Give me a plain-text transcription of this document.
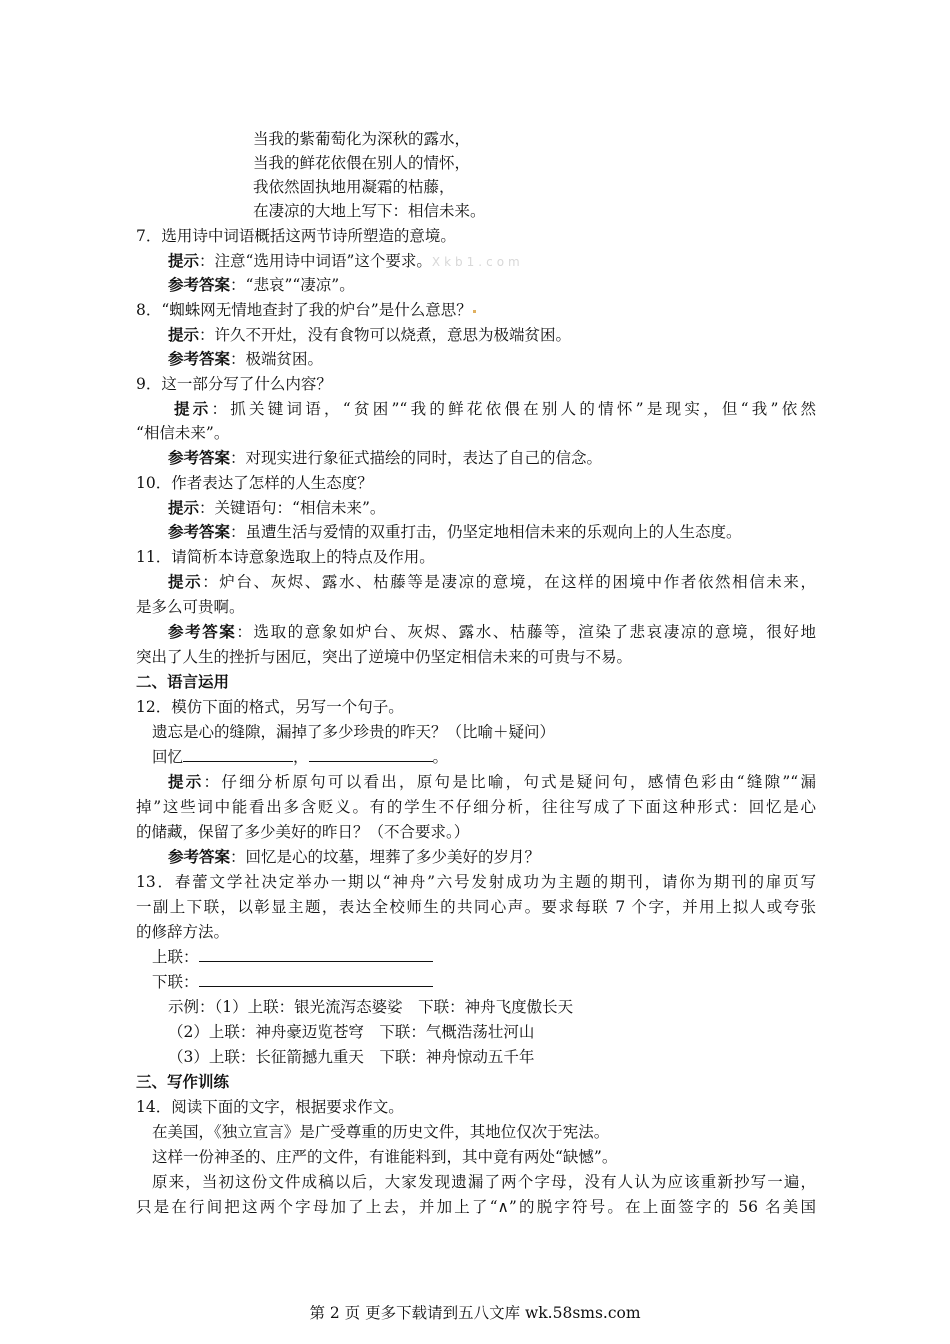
当我的紫葡萄化为深秋的露水，
当我的鲜花依偎在别人的情怀，
我依然固执地用凝霜的枯藤，
在凄凉的大地上写下：相信未来。
7．选用诗中词语概括这两节诗所塑造的意境。
提示：注意“选用诗中词语”这个要求。Xkb1.com
参考答案：“悲哀”“凄凉”。
8．“蜘蛛网无情地查封了我的炉台”是什么意思？
提示：许久不开灶，没有食物可以烧煮，意思为极端贫困。
参考答案：极端贫困。
9．这一部分写了什么内容？
提示：抓关键词语，“贫困”“我的鲜花依偎在别人的情怀”是现实，但“我”依然
“相信未来”。
参考答案：对现实进行象征式描绘的同时，表达了自己的信念。
10．作者表达了怎样的人生态度？
提示：关键语句：“相信未来”。
参考答案：虽遭生活与爱情的双重打击，仍坚定地相信未来的乐观向上的人生态度。
11．请简析本诗意象选取上的特点及作用。
提示：炉台、灰烬、露水、枯藤等是凄凉的意境，在这样的困境中作者依然相信未来，
是多么可贵啊。
参考答案：选取的意象如炉台、灰烬、露水、枯藤等，渲染了悲哀凄凉的意境，很好地
突出了人生的挫折与困厄，突出了逆境中仍坚定相信未来的可贵与不易。
二、语言运用
12．模仿下面的格式，另写一个句子。
遗忘是心的缝隙，漏掉了多少珍贵的昨天？（比喻＋疑问）
回忆	，	。
提示：仔细分析原句可以看出，原句是比喻，句式是疑问句，感情色彩由“缝隙”“漏
掉”这些词中能看出多含贬义。有的学生不仔细分析，往往写成了下面这种形式：回忆是心
的储藏，保留了多少美好的昨日？（不合要求。）
参考答案：回忆是心的坟墓，埋葬了多少美好的岁月？
13．春蕾文学社决定举办一期以“神舟”六号发射成功为主题的期刊，请你为期刊的扉页写
一副上下联，以彰显主题，表达全校师生的共同心声。要求每联 7 个字，并用上拟人或夸张
的修辞方法。
上联：
下联：
示例：（1）上联：银光流泻态婆娑　下联：神舟飞度傲长天
（2）上联：神舟豪迈览苍穹　下联：气概浩荡壮河山
（3）上联：长征箭撼九重天　下联：神舟惊动五千年
三、写作训练
14．阅读下面的文字，根据要求作文。
在美国，《独立宣言》是广受尊重的历史文件，其地位仅次于宪法。
这样一份神圣的、庄严的文件，有谁能料到，其中竟有两处“缺憾”。
原来，当初这份文件成稿以后，大家发现遗漏了两个字母，没有人认为应该重新抄写一遍，
只是在行间把这两个字母加了上去，并加上了“∧”的脱字符号。在上面签字的 56 名美国
第 2 页 更多下载请到五八文库 wk.58sms.com
